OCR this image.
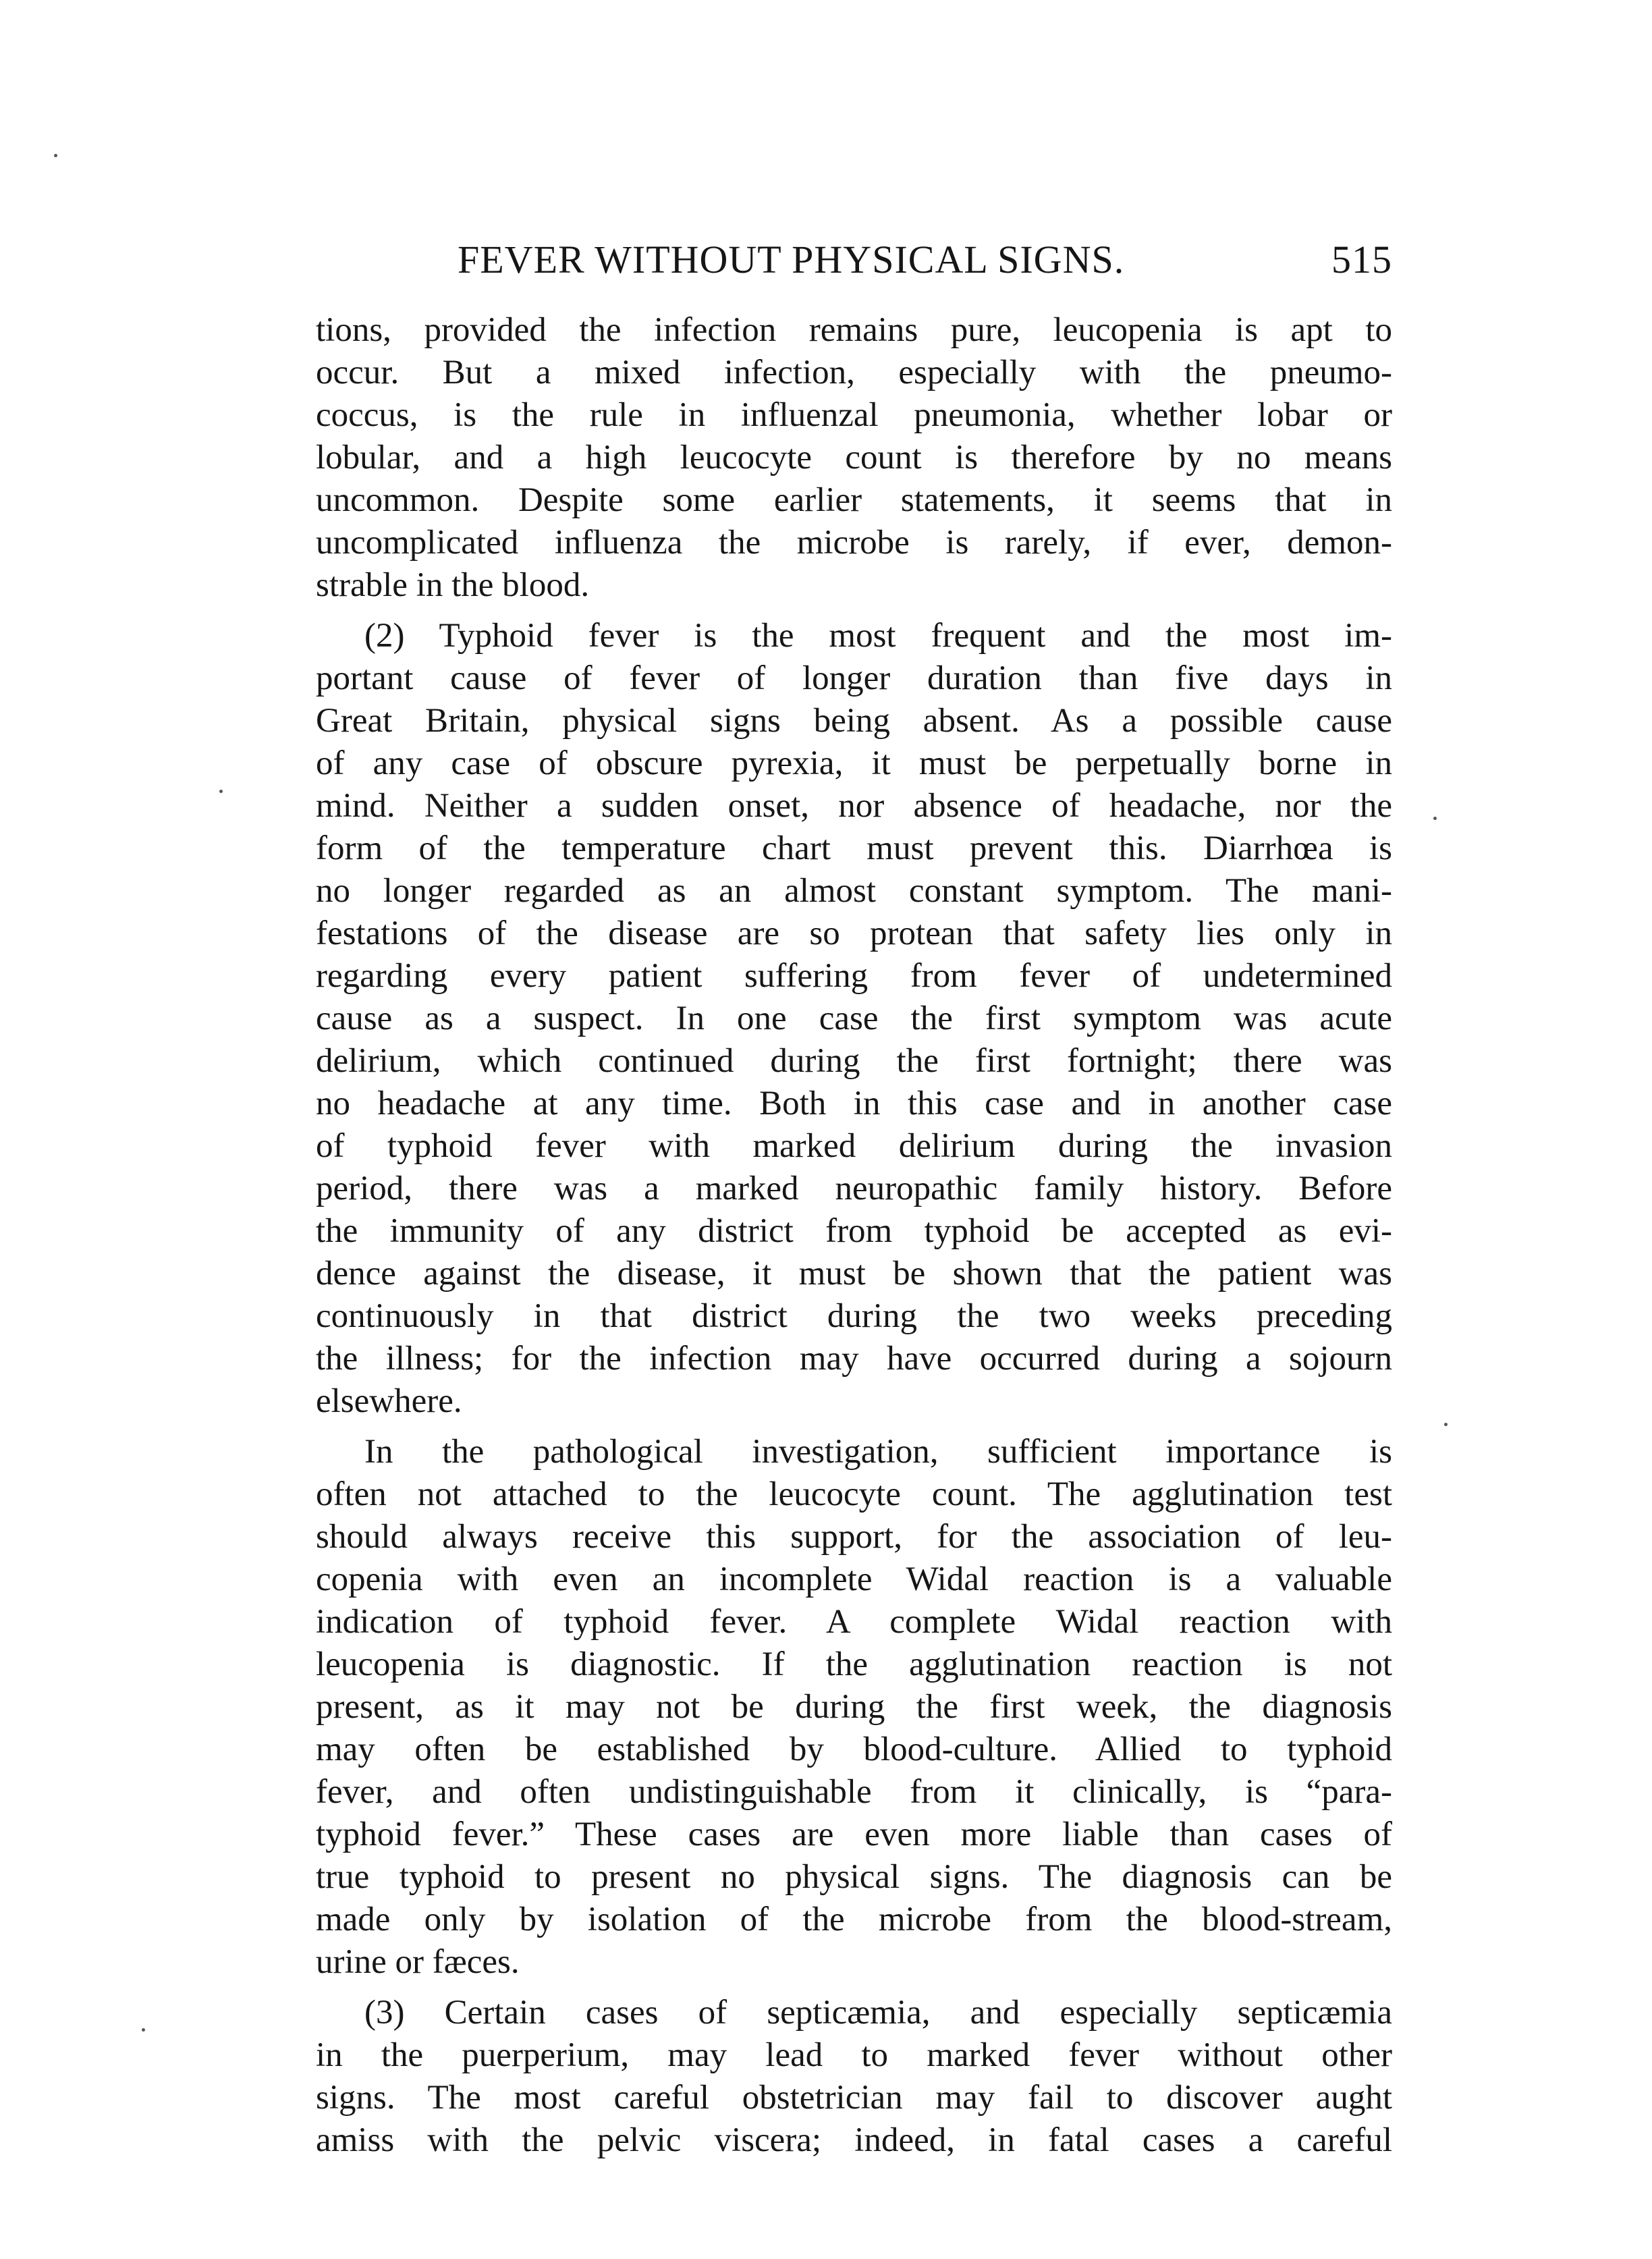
FEVER WITHOUT PHYSICAL SIGNS.	515
tions, provided the infection remains pure, leucopenia is apt to
occur. But a mixed infection, especially with the pneumo-
coccus, is the rule in influenzal pneumonia, whether lobar or
lobular, and a high leucocyte count is therefore by no means
uncommon. Despite some earlier statements, it seems that in
uncomplicated influenza the microbe is rarely, if ever, demon-
strable in the blood.
(2) Typhoid fever is the most frequent and the most im-
portant cause of fever of longer duration than five days in
Great Britain, physical signs being absent. As a possible cause
of any case of obscure pyrexia, it must be perpetually borne in
mind. Neither a sudden onset, nor absence of headache, nor the
form of the temperature chart must prevent this. Diarrhœa is
no longer regarded as an almost constant symptom. The mani-
festations of the disease are so protean that safety lies only in
regarding every patient suffering from fever of undetermined
cause as a suspect. In one case the first symptom was acute
delirium, which continued during the first fortnight; there was
no headache at any time. Both in this case and in another case
of typhoid fever with marked delirium during the invasion
period, there was a marked neuropathic family history. Before
the immunity of any district from typhoid be accepted as evi-
dence against the disease, it must be shown that the patient was
continuously in that district during the two weeks preceding
the illness; for the infection may have occurred during a sojourn
elsewhere.
In the pathological investigation, sufficient importance is
often not attached to the leucocyte count. The agglutination test
should always receive this support, for the association of leu-
copenia with even an incomplete Widal reaction is a valuable
indication of typhoid fever. A complete Widal reaction with
leucopenia is diagnostic. If the agglutination reaction is not
present, as it may not be during the first week, the diagnosis
may often be established by blood-culture. Allied to typhoid
fever, and often undistinguishable from it clinically, is “para-
typhoid fever.” These cases are even more liable than cases of
true typhoid to present no physical signs. The diagnosis can be
made only by isolation of the microbe from the blood-stream,
urine or fæces.
(3) Certain cases of septicæmia, and especially septicæmia
in the puerperium, may lead to marked fever without other
signs. The most careful obstetrician may fail to discover aught
amiss with the pelvic viscera; indeed, in fatal cases a careful
